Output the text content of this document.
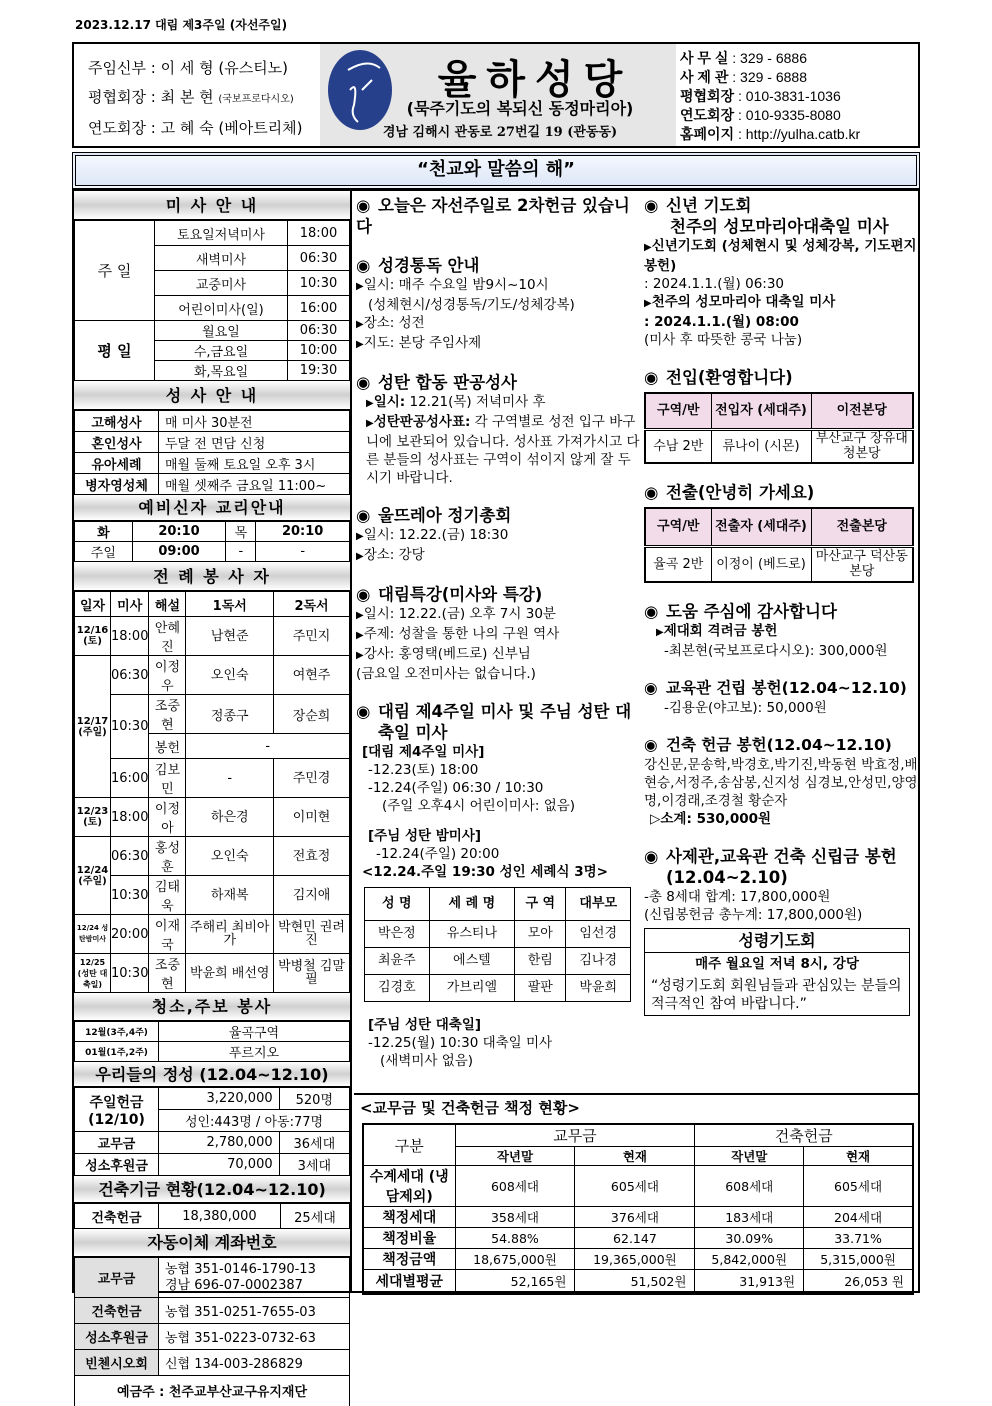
2023.12.17 대림 제3주일 (자선주일)
주임신부 : 이 세 형 (유스티노)
평협회장 : 최 본 현 (국보프로다시오)
연도회장 : 고 혜 숙 (베아트리체)
율하성당
(묵주기도의 복되신 동정마리아)
경남 김해시 관동로 27번길 19 (관동동)
사 무 실 : 329 - 6886
사 제 관 : 329 - 6888
평협회장 : 010-3831-1036
연도회장 : 010-9335-8080
홈페이지 : http://yulha.catb.kr
“천교와 말씀의 해”
미 사 안 내
주 일	토요일저녁미사	18:00
	새벽미사	06:30
	교중미사	10:30
	어린이미사(일)	16:00
평 일	월요일	06:30
	수,금요일	10:00
	화,목요일	19:30
성 사 안 내
고해성사	매 미사 30분전
혼인성사	두달 전 면담 신청
유아세례	매월 둘째 토요일 오후 3시
병자영성체	매월 셋째주 금요일 11:00~
예비신자 교리안내
화	20:10	목	20:10
주일	09:00	-	-
전 례 봉 사 자
일자	미사	해설	1독서	2독서
12/16 (토)	18:00	안혜진	남현준	주민지
12/17 (주일)	06:30	이정우	오인숙	여현주
	10:30	조중현	정종구	장순희
		봉헌	-	
	16:00	김보민	-	주민경
12/23 (토)	18:00	이정아	하은경	이미현
12/24 (주일)	06:30	홍성훈	오인숙	전효정
	10:30	김태욱	하재복	김지애
12/24 성탄밤미사	20:00	이재국	주해리 최비아가	박현민 권려진
12/25 (성탄 대축일)	10:30	조중현	박윤희 배선영	박병철 김말필
청소,주보 봉사
12월(3주,4주)	율곡구역
01월(1주,2주)	푸르지오
우리들의 정성 (12.04~12.10)
주일헌금
(12/10)	3,220,000	520명
	성인:443명 / 아동:77명	
교무금	2,780,000	36세대
성소후원금	70,000	3세대
건축기금 현황(12.04~12.10)
건축헌금	18,380,000	25세대
자동이체 계좌번호
교무금	농협 351-0146-1790-13
경남 696-07-0002387

건축헌금	농협 351-0251-7655-03
성소후원금	농협 351-0223-0732-63
빈첸시오회	신협 134-003-286829
예금주 : 천주교부산교구유지재단	
◉ 오늘은 자선주일로 2차헌금 있습니다
◉ 성경통독 안내
▶일시: 매주 수요일 밤9시~10시
(성체현시/성경통독/기도/성체강복)
▶장소: 성전
▶지도: 본당 주임사제
◉ 성탄 합동 판공성사
▶일시: 12.21(목) 저녁미사 후
▶성탄판공성사표: 각 구역별로 성전 입구 바구니에 보관되어 있습니다. 성사표 가져가시고 다른 분들의 성사표는 구역이 섞이지 않게 잘 두시기 바랍니다.
◉ 울뜨레아 정기총회
▶일시: 12.22.(금) 18:30
▶장소: 강당
◉ 대림특강(미사와 특강)
▶일시: 12.22.(금) 오후 7시 30분
▶주제: 성찰을 통한 나의 구원 역사
▶강사: 홍영택(베드로) 신부님
(금요일 오전미사는 없습니다.)
◉ 대림 제4주일 미사 및 주님 성탄 대축일 미사
[대림 제4주일 미사]
-12.23(토) 18:00
-12.24(주일) 06:30 / 10:30
(주일 오후4시 어린이미사: 없음)
[주님 성탄 밤미사]
-12.24(주일) 20:00
<12.24.주일 19:30 성인 세례식 3명>
성 명	세 례 명	구 역	대부모
박은정	유스티나	모아	임선경
최윤주	에스텔	한림	김나경
김경호	가브리엘	팔판	박윤희
[주님 성탄 대축일]
-12.25(월) 10:30 대축일 미사
(새벽미사 없음)
◉ 신년 기도회
천주의 성모마리아대축일 미사
▶신년기도회 (성체현시 및 성체강복, 기도편지 봉헌)
: 2024.1.1.(월) 06:30
▶천주의 성모마리아 대축일 미사
: 2024.1.1.(월) 08:00
(미사 후 따뜻한 콩국 나눔)
◉ 전입(환영합니다)
구역/반	전입자 (세대주)	이전본당
수남 2반	류나이 (시몬)	부산교구 장유대청본당
◉ 전출(안녕히 가세요)
구역/반	전출자 (세대주)	전출본당
율곡 2반	이정이 (베드로)	마산교구 덕산동본당
◉ 도움 주심에 감사합니다
▶제대회 격려금 봉헌
-최본현(국보프로다시오): 300,000원
◉ 교육관 건립 봉헌(12.04~12.10)
-김용운(야고보): 50,000원
◉ 건축 헌금 봉헌(12.04~12.10)
강신문,문송학,박경호,박기진,박동현 박효정,배현승,서정주,송삼봉,신지성 심경보,안성민,양영명,이경래,조경철 황순자
▷소계: 530,000원
◉ 사제관,교육관 건축 신립금 봉헌(12.04~2.10)
-총 8세대 합계: 17,800,000원
(신립봉헌금 총누계: 17,800,000원)
성령기도회
매주 월요일 저녁 8시, 강당
“성령기도회 회원님들과 관심있는 분들의 적극적인 참여 바랍니다.”
<교무금 및 건축헌금 책정 현황>
구분	교무금		건축헌금	
	작년말	현재	작년말	현재
수계세대 (냉담제외)	608세대	605세대	608세대	605세대
책정세대	358세대	376세대	183세대	204세대
책정비율	54.88%	62.147	30.09%	33.71%
책정금액	18,675,000원	19,365,000원	5,842,000원	5,315,000원
세대별평균	52,165원	51,502원	31,913원	26,053 원
